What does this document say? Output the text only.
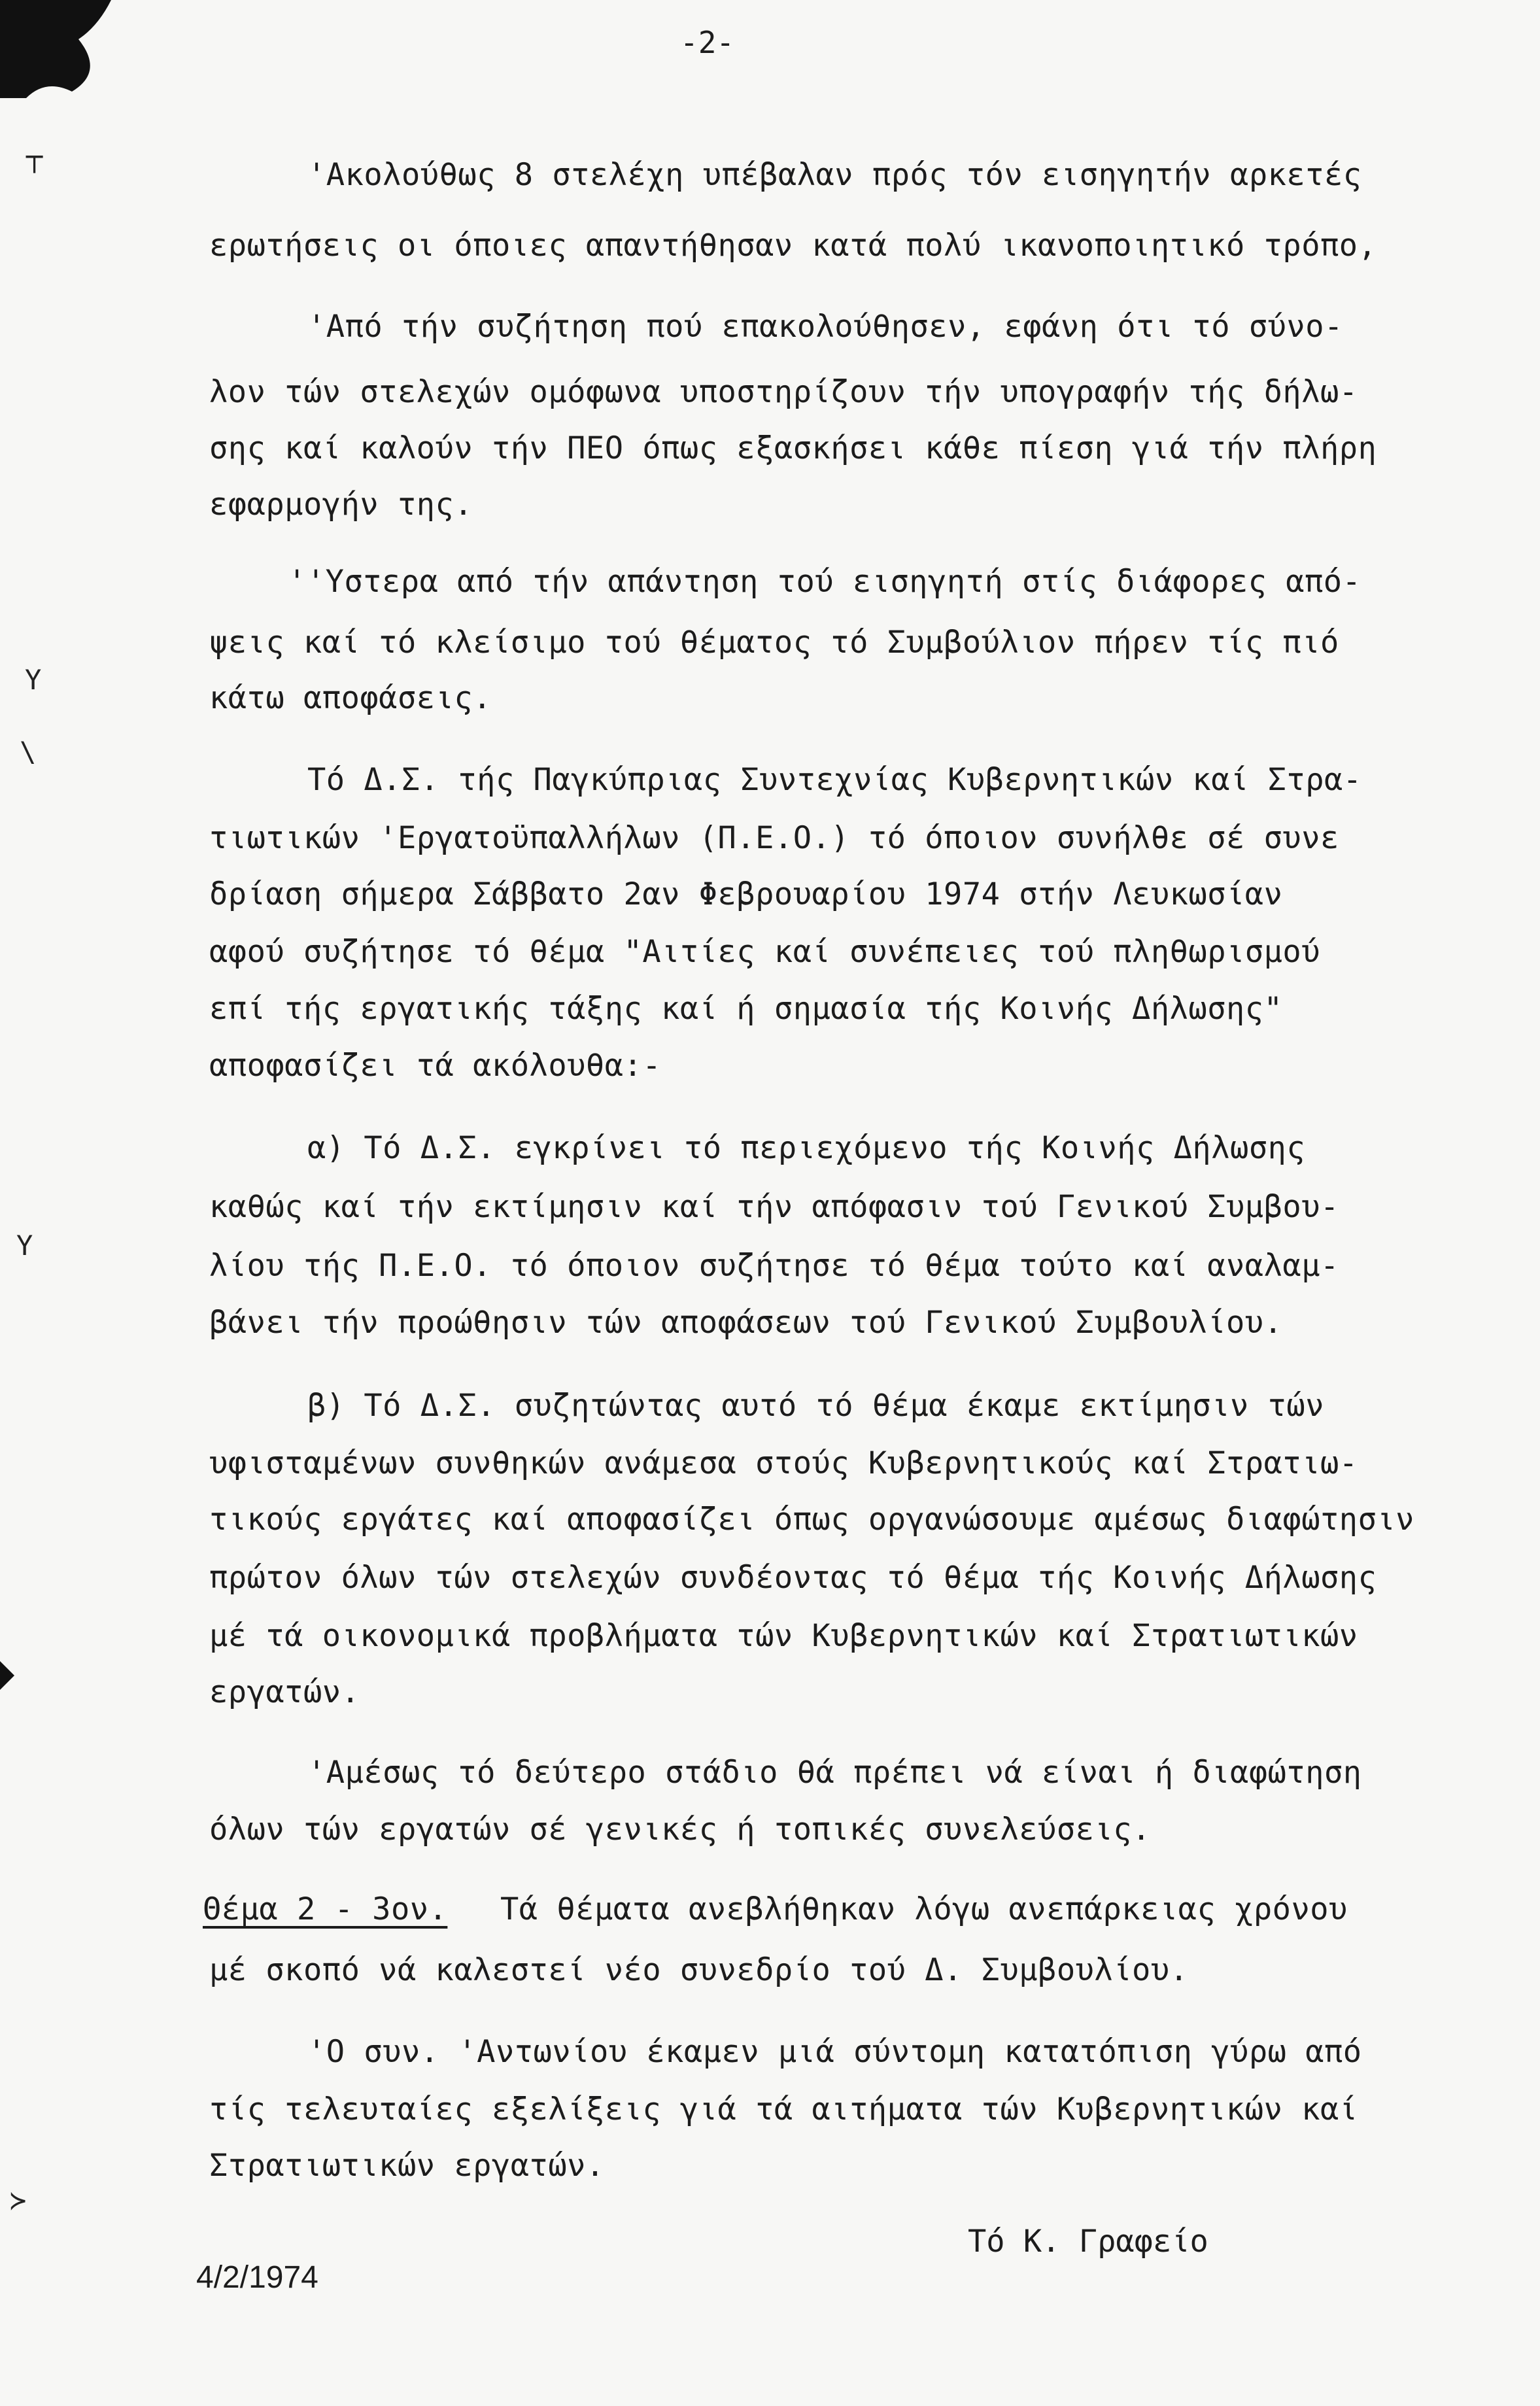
┬
Y
\
Y
≻
-2-
'Ακολούθως 8 στελέχη υπέβαλαν πρός τόν εισηγητήν αρκετές
ερωτήσεις οι όποιες απαντήθησαν κατά πολύ ικανοποιητικό τρόπο,
'Από τήν συζήτηση πού επακολούθησεν, εφάνη ότι τό σύνο-
λον τών στελεχών ομόφωνα υποστηρίζουν τήν υπογραφήν τής δήλω-
σης καί καλούν τήν ΠΕΟ όπως εξασκήσει κάθε πίεση γιά τήν πλήρη
εφαρμογήν της.
''Υστερα από τήν απάντηση τού εισηγητή στίς διάφορες από-
ψεις καί τό κλείσιμο τού θέματος τό Συμβούλιον πήρεν τίς πιό
κάτω αποφάσεις.
Τό Δ.Σ. τής Παγκύπριας Συντεχνίας Κυβερνητικών καί Στρα-
τιωτικών 'Εργατοϋπαλλήλων (Π.Ε.Ο.) τό όποιον συνήλθε σέ συνε
δρίαση σήμερα Σάββατο 2αν Φεβρουαρίου 1974 στήν Λευκωσίαν
αφού συζήτησε τό θέμα "Αιτίες καί συνέπειες τού πληθωρισμού
επί τής εργατικής τάξης καί ή σημασία τής Κοινής Δήλωσης"
αποφασίζει τά ακόλουθα:-
α) Τό Δ.Σ. εγκρίνει τό περιεχόμενο τής Κοινής Δήλωσης
καθώς καί τήν εκτίμησιν καί τήν απόφασιν τού Γενικού Συμβου-
λίου τής Π.Ε.Ο. τό όποιον συζήτησε τό θέμα τούτο καί αναλαμ-
βάνει τήν προώθησιν τών αποφάσεων τού Γενικού Συμβουλίου.
β) Τό Δ.Σ. συζητώντας αυτό τό θέμα έκαμε εκτίμησιν τών
υφισταμένων συνθηκών ανάμεσα στούς Κυβερνητικούς καί Στρατιω-
τικούς εργάτες καί αποφασίζει όπως οργανώσουμε αμέσως διαφώτησιν
πρώτον όλων τών στελεχών συνδέοντας τό θέμα τής Κοινής Δήλωσης
μέ τά οικονομικά προβλήματα τών Κυβερνητικών καί Στρατιωτικών
εργατών.
'Αμέσως τό δεύτερο στάδιο θά πρέπει νά είναι ή διαφώτηση
όλων τών εργατών σέ γενικές ή τοπικές συνελεύσεις.
Θέμα 2 - 3ον. Τά θέματα ανεβλήθηκαν λόγω ανεπάρκειας χρόνου
μέ σκοπό νά καλεστεί νέο συνεδρίο τού Δ. Συμβουλίου.
'Ο συν. 'Αντωνίου έκαμεν μιά σύντομη κατατόπιση γύρω από
τίς τελευταίες εξελίξεις γιά τά αιτήματα τών Κυβερνητικών καί
Στρατιωτικών εργατών.
Τό Κ. Γραφείο
4/2/1974
